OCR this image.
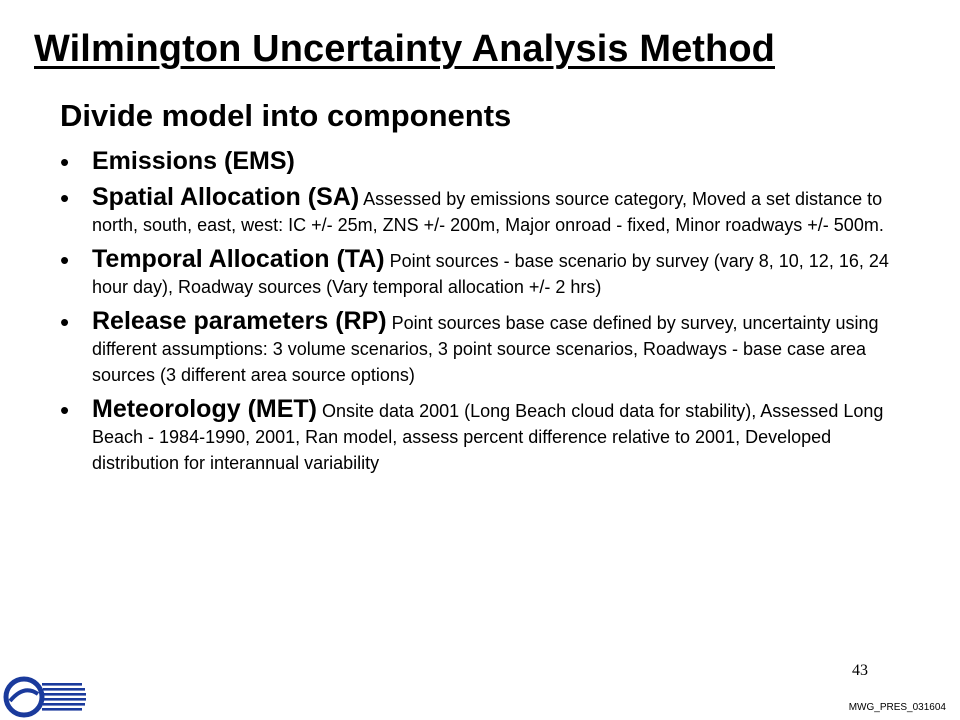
Wilmington Uncertainty Analysis Method
Divide model into components
• Emissions (EMS)
• Spatial Allocation (SA) Assessed by emissions source category, Moved a set distance to north, south, east, west: IC +/- 25m, ZNS +/- 200m, Major onroad - fixed, Minor roadways +/- 500m.
• Temporal Allocation (TA) Point sources - base scenario by survey (vary 8, 10, 12, 16, 24 hour day), Roadway sources (Vary temporal allocation +/- 2 hrs)
• Release parameters (RP) Point sources base case defined by survey, uncertainty using different assumptions: 3 volume scenarios, 3 point source scenarios, Roadways - base case area sources (3 different area source options)
• Meteorology (MET) Onsite data 2001 (Long Beach cloud data for stability), Assessed Long Beach - 1984-1990, 2001, Ran model, assess percent difference relative to 2001, Developed distribution for interannual variability
43
MWG_PRES_031604
